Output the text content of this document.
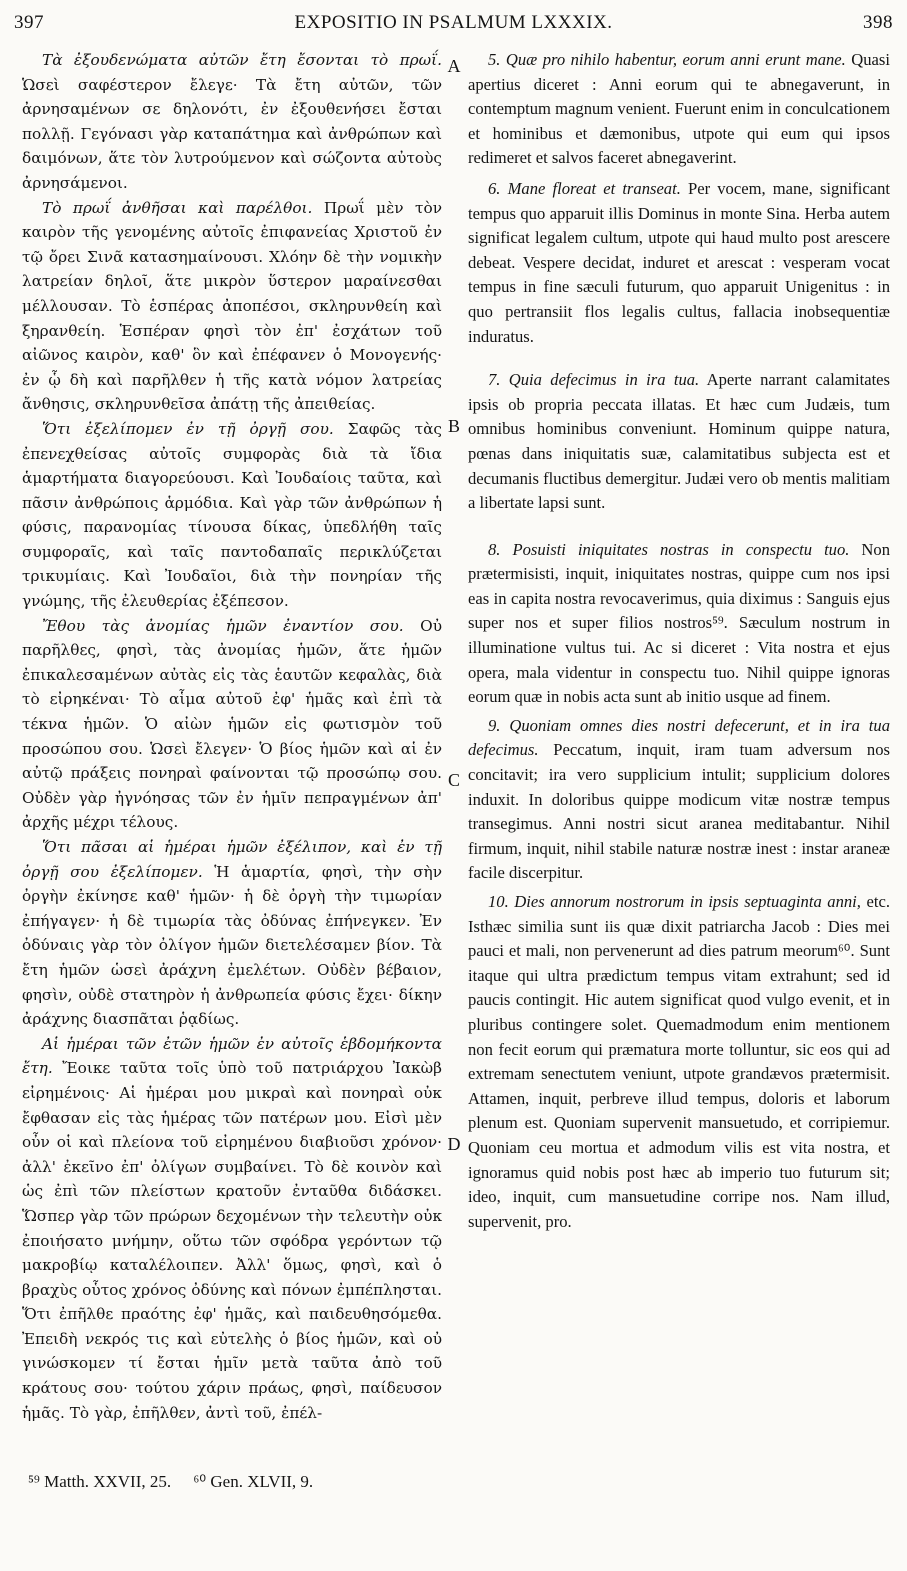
397	EXPOSITIO IN PSALMUM LXXXIX.	398
A
B
C
D

Τὰ ἐξουδενώματα αὐτῶν ἔτη ἔσονται τὸ πρωΐ. Ὡσεὶ σαφέστερον ἔλεγε· Τὰ ἔτη αὐτῶν, τῶν ἀρνησαμένων σε δηλονότι, ἐν ἐξουθενήσει ἔσται πολλῇ. Γεγόνασι γὰρ καταπάτημα καὶ ἀνθρώπων καὶ δαιμόνων, ἅτε τὸν λυτρούμενον καὶ σώζοντα αὐτοὺς ἀρνησάμενοι.

Τὸ πρωΐ ἀνθῆσαι καὶ παρέλθοι. Πρωΐ μὲν τὸν καιρὸν τῆς γενομένης αὐτοῖς ἐπιφανείας Χριστοῦ ἐν τῷ ὄρει Σινᾶ κατασημαίνουσι. Χλόην δὲ τὴν νομικὴν λατρείαν δηλοῖ, ἅτε μικρὸν ὕστερον μαραίνεσθαι μέλλουσαν. Τὸ ἑσπέρας ἀποπέσοι, σκληρυνθείη καὶ ξηρανθείη. Ἑσπέραν φησὶ τὸν ἐπ' ἐσχάτων τοῦ αἰῶνος καιρὸν, καθ' ὃν καὶ ἐπέφανεν ὁ Μονογενής· ἐν ᾧ δὴ καὶ παρῆλθεν ἡ τῆς κατὰ νόμον λατρείας ἄνθησις, σκληρυνθεῖσα ἀπάτῃ τῆς ἀπειθείας.

Ὅτι ἐξελίπομεν ἐν τῇ ὀργῇ σου. Σαφῶς τὰς ἐπενεχθείσας αὐτοῖς συμφορὰς διὰ τὰ ἴδια ἁμαρτήματα διαγορεύουσι. Καὶ Ἰουδαίοις ταῦτα, καὶ πᾶσιν ἀνθρώποις ἁρμόδια. Καὶ γὰρ τῶν ἀνθρώπων ἡ φύσις, παρανομίας τίνουσα δίκας, ὑπεδλήθη ταῖς συμφοραῖς, καὶ ταῖς παντοδαπαῖς περικλύζεται τρικυμίαις. Καὶ Ἰουδαῖοι, διὰ τὴν πονηρίαν τῆς γνώμης, τῆς ἐλευθερίας ἐξέπεσον.

Ἔθου τὰς ἀνομίας ἡμῶν ἐναντίον σου. Οὐ παρῆλθες, φησὶ, τὰς ἀνομίας ἡμῶν, ἅτε ἡμῶν ἐπικαλεσαμένων αὐτὰς εἰς τὰς ἑαυτῶν κεφαλὰς, διὰ τὸ εἰρηκέναι· Τὸ αἷμα αὐτοῦ ἐφ' ἡμᾶς καὶ ἐπὶ τὰ τέκνα ἡμῶν. Ὁ αἰὼν ἡμῶν εἰς φωτισμὸν τοῦ προσώπου σου. Ὡσεὶ ἔλεγεν· Ὁ βίος ἡμῶν καὶ αἱ ἐν αὐτῷ πράξεις πονηραὶ φαίνονται τῷ προσώπῳ σου. Οὐδὲν γὰρ ἠγνόησας τῶν ἐν ἡμῖν πεπραγμένων ἀπ' ἀρχῆς μέχρι τέλους.

Ὅτι πᾶσαι αἱ ἡμέραι ἡμῶν ἐξέλιπον, καὶ ἐν τῇ ὀργῇ σου ἐξελίπομεν. Ἡ ἁμαρτία, φησὶ, τὴν σὴν ὀργὴν ἐκίνησε καθ' ἡμῶν· ἡ δὲ ὀργὴ τὴν τιμωρίαν ἐπήγαγεν· ἡ δὲ τιμωρία τὰς ὀδύνας ἐπήνεγκεν. Ἐν ὀδύναις γὰρ τὸν ὀλίγον ἡμῶν διετελέσαμεν βίον. Τὰ ἔτη ἡμῶν ὡσεὶ ἀράχνη ἐμελέτων. Οὐδὲν βέβαιον, φησὶν, οὐδὲ στατηρὸν ἡ ἀνθρωπεία φύσις ἔχει· δίκην ἀράχνης διασπᾶται ῥᾳδίως.

Αἱ ἡμέραι τῶν ἐτῶν ἡμῶν ἐν αὐτοῖς ἑβδομήκοντα ἔτη. Ἔοικε ταῦτα τοῖς ὑπὸ τοῦ πατριάρχου Ἰακὼβ εἰρημένοις· Αἱ ἡμέραι μου μικραὶ καὶ πονηραὶ οὐκ ἔφθασαν εἰς τὰς ἡμέρας τῶν πατέρων μου. Εἰσὶ μὲν οὖν οἱ καὶ πλείονα τοῦ εἰρημένου διαβιοῦσι χρόνον· ἀλλ' ἐκεῖνο ἐπ' ὀλίγων συμβαίνει. Τὸ δὲ κοινὸν καὶ ὡς ἐπὶ τῶν πλείστων κρατοῦν ἐνταῦθα διδάσκει. Ὥσπερ γὰρ τῶν πρώρων δεχομένων τὴν τελευτὴν οὐκ ἐποιήσατο μνήμην, οὕτω τῶν σφόδρα γερόντων τῷ μακροβίῳ καταλέλοιπεν. Ἀλλ' ὅμως, φησὶ, καὶ ὁ βραχὺς οὗτος χρόνος ὀδύνης καὶ πόνων ἐμπέπλησται. Ὅτι ἐπῆλθε πραότης ἐφ' ἡμᾶς, καὶ παιδευθησόμεθα. Ἐπειδὴ νεκρός τις καὶ εὐτελὴς ὁ βίος ἡμῶν, καὶ οὐ γινώσκομεν τί ἔσται ἡμῖν μετὰ ταῦτα ἀπὸ τοῦ κράτους σου· τούτου χάριν πράως, φησὶ, παίδευσον ἡμᾶς. Τὸ γὰρ, ἐπῆλθεν, ἀντὶ τοῦ, ἐπέλ-

5. Quæ pro nihilo habentur, eorum anni erunt mane. Quasi apertius diceret : Anni eorum qui te abnegaverunt, in contemptum magnum venient. Fuerunt enim in conculcationem et hominibus et dæmonibus, utpote qui eum qui ipsos redimeret et salvos faceret abnegaverint.

6. Mane floreat et transeat. Per vocem, mane, significant tempus quo apparuit illis Dominus in monte Sina. Herba autem significat legalem cultum, utpote qui haud multo post arescere debeat. Vespere decidat, induret et arescat : vesperam vocat tempus in fine sæculi futurum, quo apparuit Unigenitus : in quo pertransiit flos legalis cultus, fallacia inobsequentiæ induratus.

7. Quia defecimus in ira tua. Aperte narrant calamitates ipsis ob propria peccata illatas. Et hæc cum Judæis, tum omnibus hominibus conveniunt. Hominum quippe natura, pœnas dans iniquitatis suæ, calamitatibus subjecta est et decumanis fluctibus demergitur. Judæi vero ob mentis malitiam a libertate lapsi sunt.

8. Posuisti iniquitates nostras in conspectu tuo. Non prætermisisti, inquit, iniquitates nostras, quippe cum nos ipsi eas in capita nostra revocaverimus, quia diximus : Sanguis ejus super nos et super filios nostros⁵⁹. Sæculum nostrum in illuminatione vultus tui. Ac si diceret : Vita nostra et ejus opera, mala videntur in conspectu tuo. Nihil quippe ignoras eorum quæ in nobis acta sunt ab initio usque ad finem.

9. Quoniam omnes dies nostri defecerunt, et in ira tua defecimus. Peccatum, inquit, iram tuam adversum nos concitavit; ira vero supplicium intulit; supplicium dolores induxit. In doloribus quippe modicum vitæ nostræ tempus transegimus. Anni nostri sicut aranea meditabantur. Nihil firmum, inquit, nihil stabile naturæ nostræ inest : instar araneæ facile discerpitur.

10. Dies annorum nostrorum in ipsis septuaginta anni, etc. Isthæc similia sunt iis quæ dixit patriarcha Jacob : Dies mei pauci et mali, non pervenerunt ad dies patrum meorum⁶⁰. Sunt itaque qui ultra prædictum tempus vitam extrahunt; sed id paucis contingit. Hic autem significat quod vulgo evenit, et in pluribus contingere solet. Quemadmodum enim mentionem non fecit eorum qui præmatura morte tolluntur, sic eos qui ad extremam senectutem veniunt, utpote grandævos prætermisit. Attamen, inquit, perbreve illud tempus, doloris et laborum plenum est. Quoniam supervenit mansuetudo, et corripiemur. Quoniam ceu mortua et admodum vilis est vita nostra, et ignoramus quid nobis post hæc ab imperio tuo futurum sit; ideo, inquit, cum mansuetudine corripe nos. Nam illud, supervenit, pro.

⁵⁹ Matth. XXVII, 25. ⁶⁰ Gen. XLVII, 9.
